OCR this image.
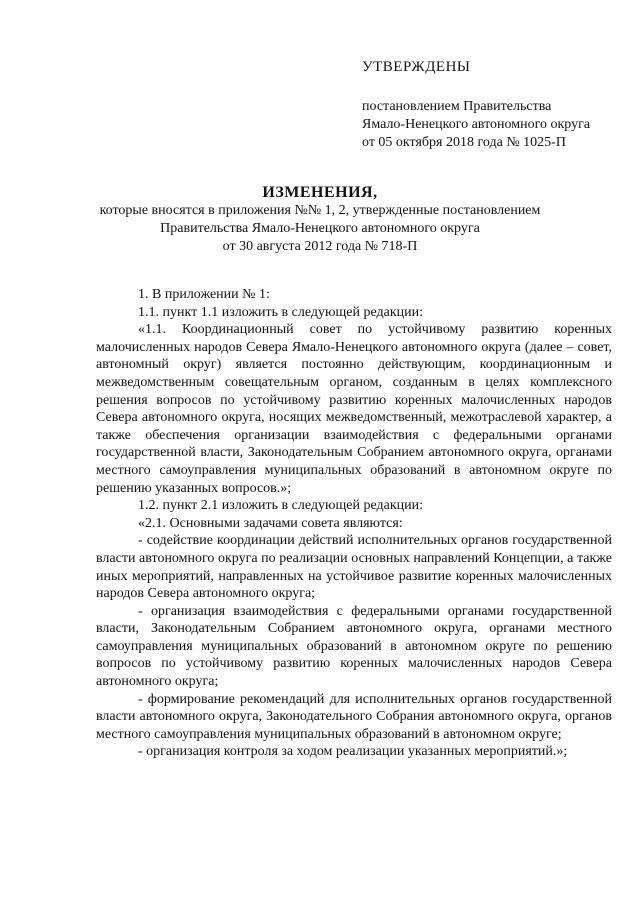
УТВЕРЖДЕНЫ
постановлением Правительства
Ямало-Ненецкого автономного округа
от 05 октября 2018 года № 1025-П
ИЗМЕНЕНИЯ,
которые вносятся в приложения №№ 1, 2, утвержденные постановлением
Правительства Ямало-Ненецкого автономного округа
от 30 августа 2012 года № 718-П

1. В приложении № 1:

1.1. пункт 1.1 изложить в следующей редакции:

«1.1. Координационный совет по устойчивому развитию коренных малочисленных народов Севера Ямало-Ненецкого автономного округа (далее – совет, автономный округ) является постоянно действующим, координационным и межведомственным совещательным органом, созданным в целях комплексного решения вопросов по устойчивому развитию коренных малочисленных народов Севера автономного округа, носящих межведомственный, межотраслевой характер, а также обеспечения организации взаимодействия с федеральными органами государственной власти, Законодательным Собранием автономного округа, органами местного самоуправления муниципальных образований в автономном округе по решению указанных вопросов.»;

1.2. пункт 2.1 изложить в следующей редакции:

«2.1. Основными задачами совета являются:

- содействие координации действий исполнительных органов государственной власти автономного округа по реализации основных направлений Концепции, а также иных мероприятий, направленных на устойчивое развитие коренных малочисленных народов Севера автономного округа;

- организация взаимодействия с федеральными органами государственной власти, Законодательным Собранием автономного округа, органами местного самоуправления муниципальных образований в автономном округе по решению вопросов по устойчивому развитию коренных малочисленных народов Севера автономного округа;

- формирование рекомендаций для исполнительных органов государственной власти автономного округа, Законодательного Собрания автономного округа, органов местного самоуправления муниципальных образований в автономном округе;

- организация контроля за ходом реализации указанных мероприятий.»;
